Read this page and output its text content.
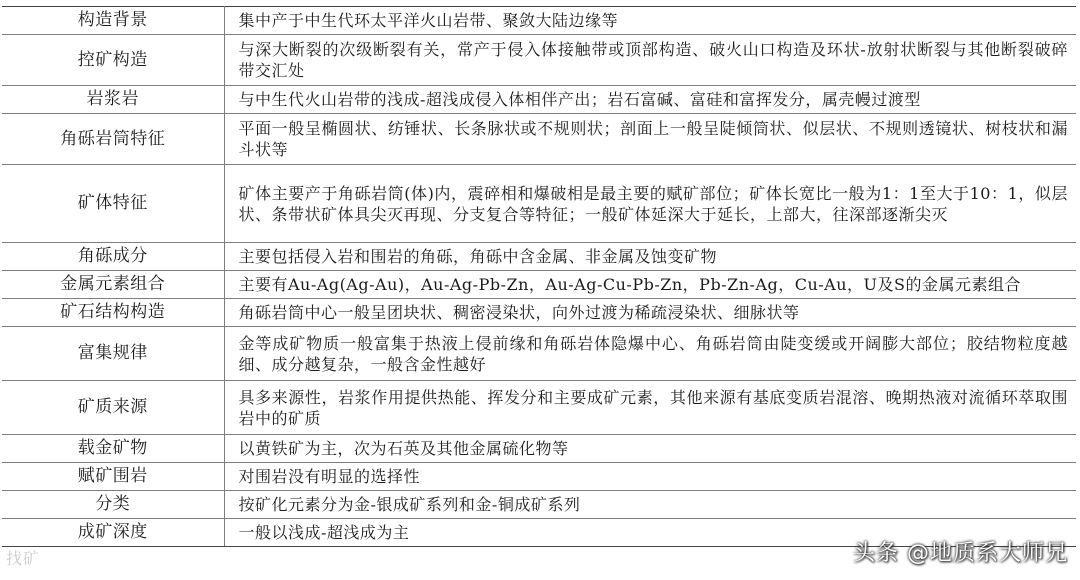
构造背景	集中产于中生代环太平洋火山岩带、聚敛大陆边缘等
控矿构造	与深大断裂的次级断裂有关，常产于侵入体接触带或顶部构造、破火山口构造及环状-放射状断裂与其他断裂破碎带交汇处
岩浆岩	与中生代火山岩带的浅成-超浅成侵入体相伴产出；岩石富碱、富硅和富挥发分，属壳幔过渡型
角砾岩筒特征	平面一般呈椭圆状、纺锤状、长条脉状或不规则状；剖面上一般呈陡倾筒状、似层状、不规则透镜状、树枝状和漏斗状等
矿体特征	矿体主要产于角砾岩筒(体)内，震碎相和爆破相是最主要的赋矿部位；矿体长宽比一般为1：1至大于10：1，似层状、条带状矿体具尖灭再现、分支复合等特征；一般矿体延深大于延长，上部大，往深部逐渐尖灭
角砾成分	主要包括侵入岩和围岩的角砾，角砾中含金属、非金属及蚀变矿物
金属元素组合	主要有Au-Ag(Ag-Au)，Au-Ag-Pb-Zn，Au-Ag-Cu-Pb-Zn，Pb-Zn-Ag，Cu-Au，U及S的金属元素组合
矿石结构构造	角砾岩筒中心一般呈团块状、稠密浸染状，向外过渡为稀疏浸染状、细脉状等
富集规律	金等成矿物质一般富集于热液上侵前缘和角砾岩体隐爆中心、角砾岩筒由陡变缓或开阔膨大部位；胶结物粒度越细、成分越复杂，一般含金性越好
矿质来源	具多来源性，岩浆作用提供热能、挥发分和主要成矿元素，其他来源有基底变质岩混溶、晚期热液对流循环萃取围岩中的矿质
载金矿物	以黄铁矿为主，次为石英及其他金属硫化物等
赋矿围岩	对围岩没有明显的选择性
分类	按矿化元素分为金-银成矿系列和金-铜成矿系列
成矿深度	一般以浅成-超浅成为主
找矿	头条 @地质系大师兄
